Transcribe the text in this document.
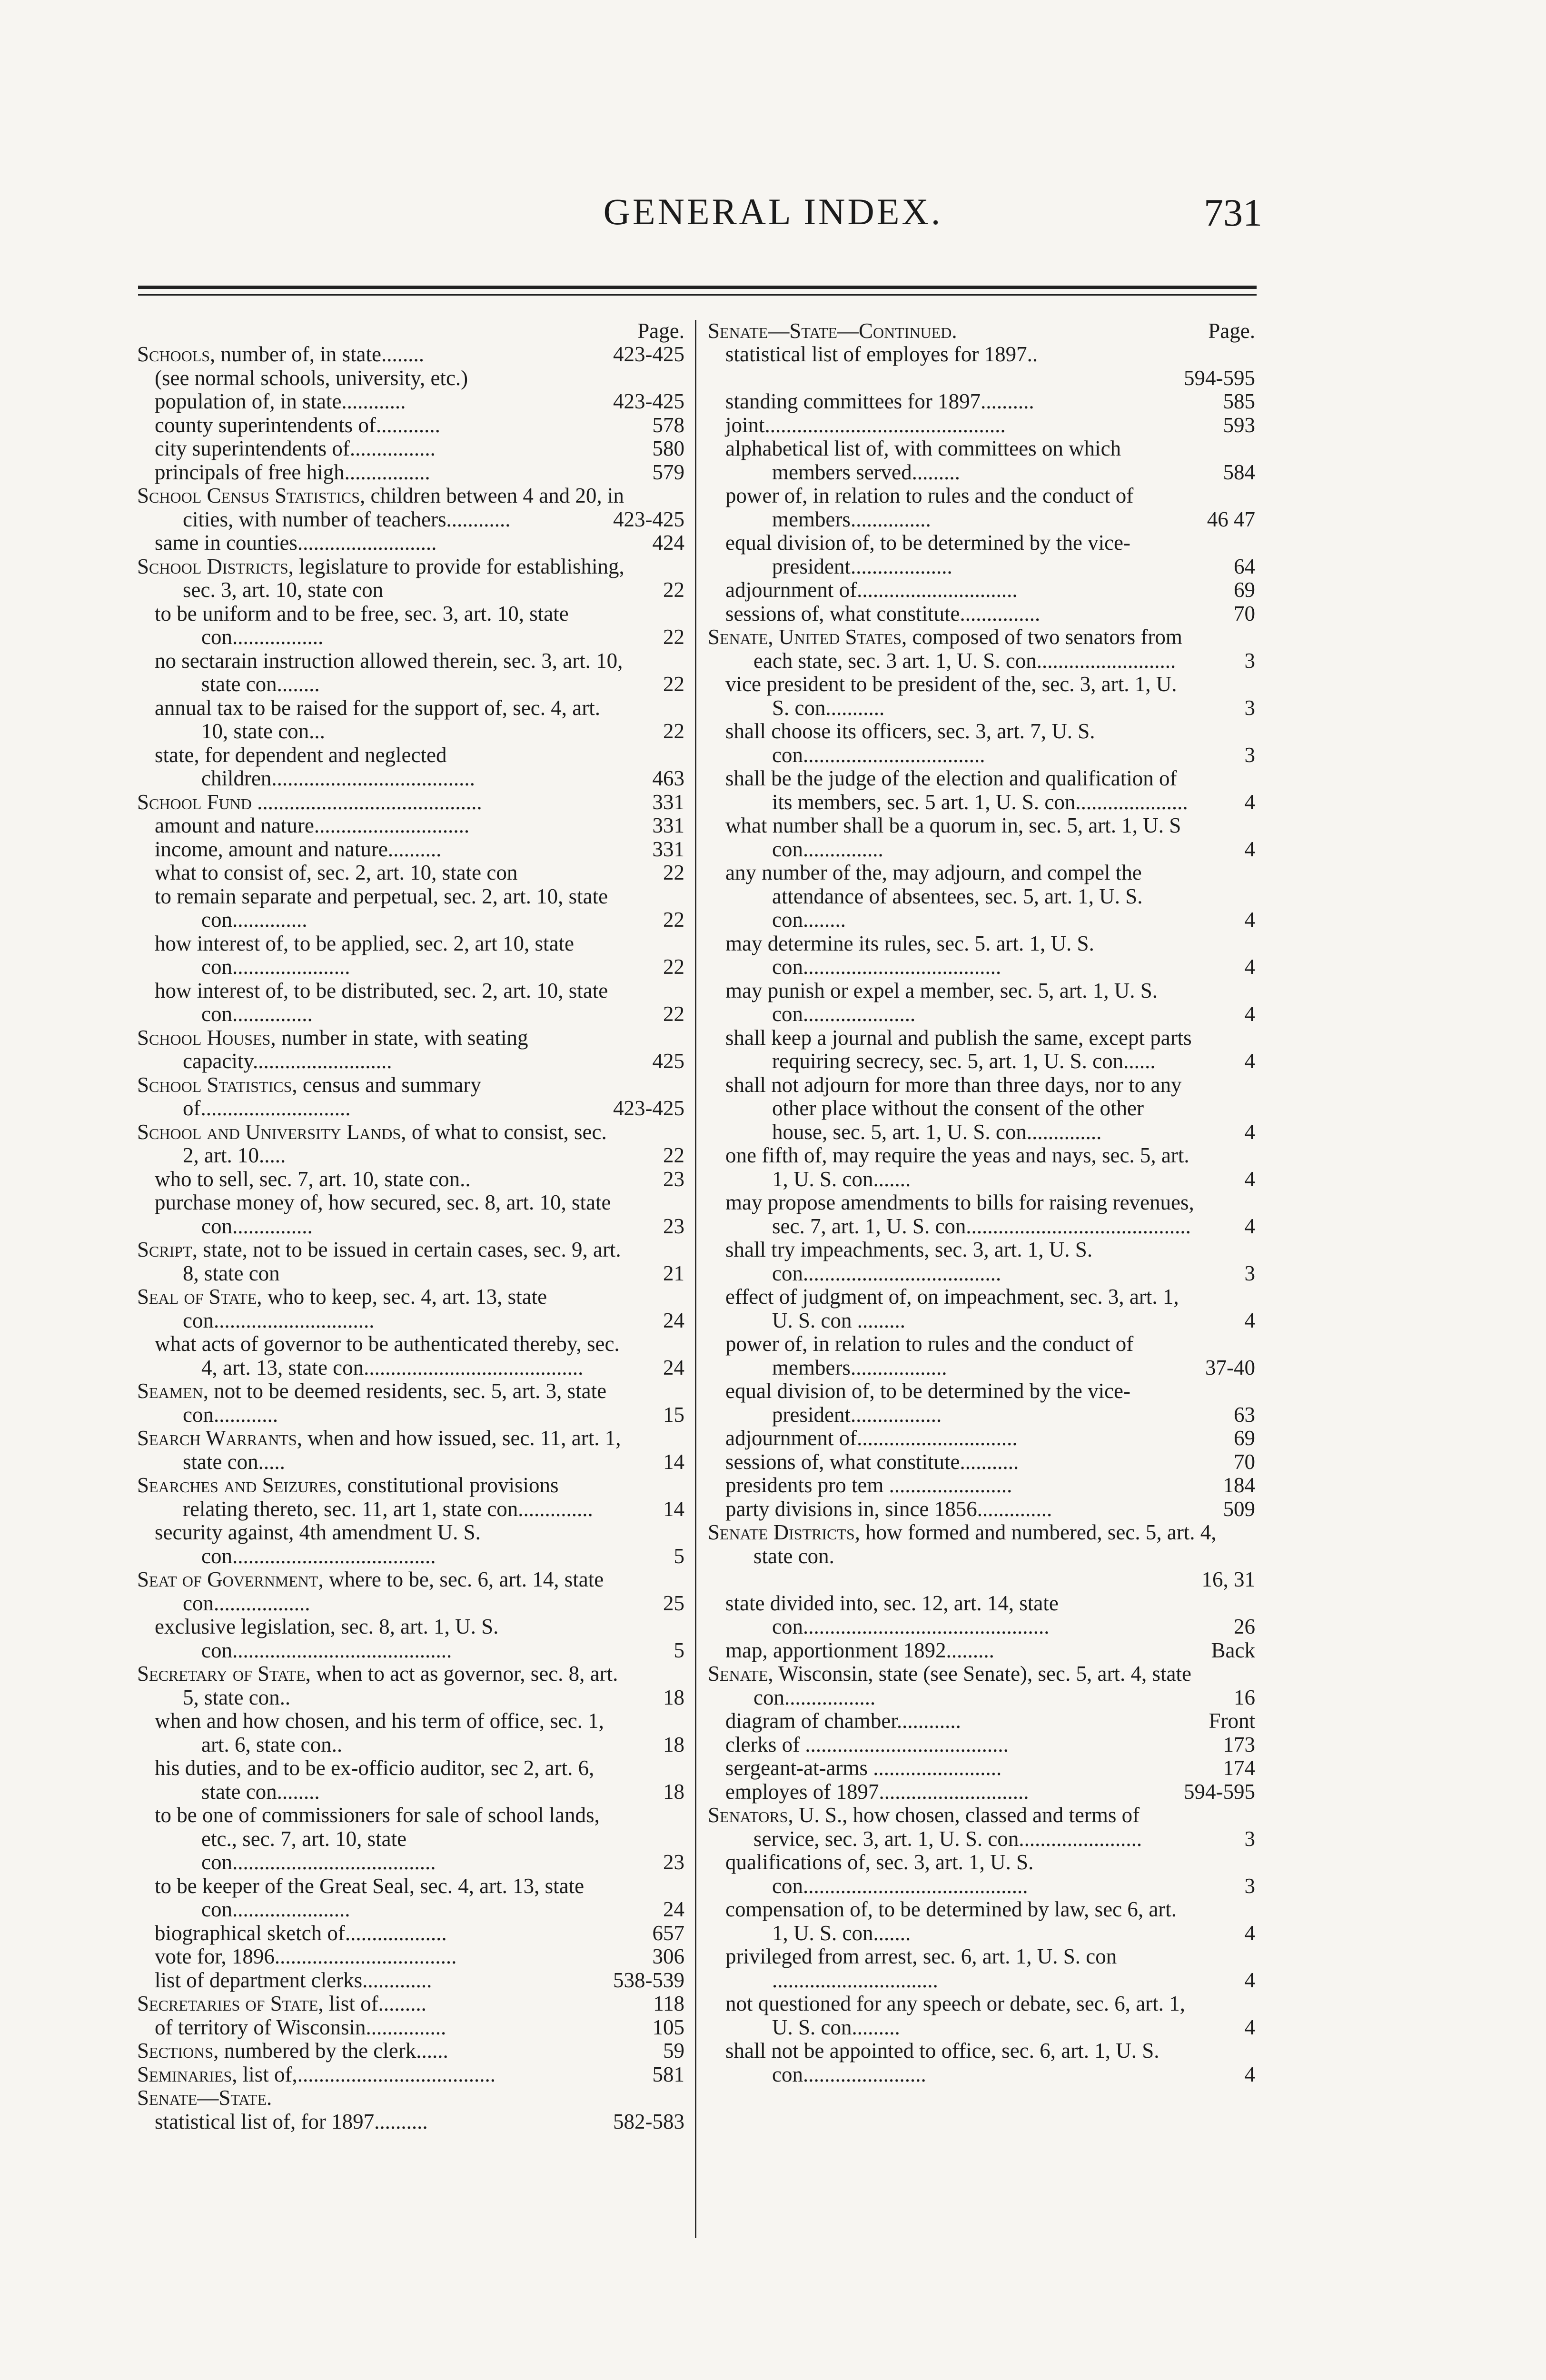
GENERAL INDEX.	731
Page.
Schools, number of, in state........	423-425
(see normal schools, university, etc.)
population of, in state............	423-425
county superintendents of............	578
city superintendents of................	580
principals of free high................	579
School Census Statistics, children between 4 and 20, in cities, with number of teachers............	423-425
same in counties..........................	424
School Districts, legislature to provide for establishing, sec. 3, art. 10, state con	22
to be uniform and to be free, sec. 3, art. 10, state con.................	22
no sectarain instruction allowed therein, sec. 3, art. 10, state con........	22
annual tax to be raised for the support of, sec. 4, art. 10, state con...	22
state, for dependent and neglected children......................................	463
School Fund ..........................................	331
amount and nature.............................	331
income, amount and nature..........	331
what to consist of, sec. 2, art. 10, state con	22
to remain separate and perpetual, sec. 2, art. 10, state con..............	22
how interest of, to be applied, sec. 2, art 10, state con......................	22
how interest of, to be distributed, sec. 2, art. 10, state con...............	22
School Houses, number in state, with seating capacity..........................	425
School Statistics, census and summary of............................	423-425
School and University Lands, of what to consist, sec. 2, art. 10.....	22
who to sell, sec. 7, art. 10, state con..	23
purchase money of, how secured, sec. 8, art. 10, state con...............	23
Script, state, not to be issued in certain cases, sec. 9, art. 8, state con	21
Seal of State, who to keep, sec. 4, art. 13, state con..............................	24
what acts of governor to be authenticated thereby, sec. 4, art. 13, state con.........................................	24
Seamen, not to be deemed residents, sec. 5, art. 3, state con............	15
Search Warrants, when and how issued, sec. 11, art. 1, state con.....	14
Searches and Seizures, constitutional provisions relating thereto, sec. 11, art 1, state con..............	14
security against, 4th amendment U. S. con......................................	5
Seat of Government, where to be, sec. 6, art. 14, state con..................	25
exclusive legislation, sec. 8, art. 1, U. S. con.........................................	5
Secretary of State, when to act as governor, sec. 8, art. 5, state con..	18
when and how chosen, and his term of office, sec. 1, art. 6, state con..	18
his duties, and to be ex-officio auditor, sec 2, art. 6, state con........	18
to be one of commissioners for sale of school lands, etc., sec. 7, art. 10, state con......................................	23
to be keeper of the Great Seal, sec. 4, art. 13, state con......................	24
biographical sketch of...................	657
vote for, 1896..................................	306
list of department clerks.............	538-539
Secretaries of State, list of.........	118
of territory of Wisconsin...............	105
Sections, numbered by the clerk......	59
Seminaries, list of,.....................................	581
Senate—State.
statistical list of, for 1897..........	582-583
Senate—State—Continued.	Page.
statistical list of employes for 1897..
594-595
standing committees for 1897..........	585
joint.............................................	593
alphabetical list of, with committees on which members served.........	584
power of, in relation to rules and the conduct of members...............	46 47
equal division of, to be determined by the vice-president...................	64
adjournment of..............................	69
sessions of, what constitute...............	70
Senate, United States, composed of two senators from each state, sec. 3 art. 1, U. S. con..........................	3
vice president to be president of the, sec. 3, art. 1, U. S. con...........	3
shall choose its officers, sec. 3, art. 7, U. S. con..................................	3
shall be the judge of the election and qualification of its members, sec. 5 art. 1, U. S. con.....................	4
what number shall be a quorum in, sec. 5, art. 1, U. S con...............	4
any number of the, may adjourn, and compel the attendance of absentees, sec. 5, art. 1, U. S. con........	4
may determine its rules, sec. 5. art. 1, U. S. con.....................................	4
may punish or expel a member, sec. 5, art. 1, U. S. con.....................	4
shall keep a journal and publish the same, except parts requiring secrecy, sec. 5, art. 1, U. S. con......	4
shall not adjourn for more than three days, nor to any other place without the consent of the other house, sec. 5, art. 1, U. S. con..............	4
one fifth of, may require the yeas and nays, sec. 5, art. 1, U. S. con.......	4
may propose amendments to bills for raising revenues, sec. 7, art. 1, U. S. con..........................................	4
shall try impeachments, sec. 3, art. 1, U. S. con.....................................	3
effect of judgment of, on impeachment, sec. 3, art. 1, U. S. con .........	4
power of, in relation to rules and the conduct of members..................	37-40
equal division of, to be determined by the vice-president.................	63
adjournment of..............................	69
sessions of, what constitute...........	70
presidents pro tem .......................	184
party divisions in, since 1856..............	509
Senate Districts, how formed and numbered, sec. 5, art. 4, state con.
16, 31
state divided into, sec. 12, art. 14, state con..............................................	26
map, apportionment 1892.........	Back
Senate, Wisconsin, state (see Senate), sec. 5, art. 4, state con.................	16
diagram of chamber............	Front
clerks of ......................................	173
sergeant-at-arms ........................	174
employes of 1897............................	594-595
Senators, U. S., how chosen, classed and terms of service, sec. 3, art. 1, U. S. con.......................	3
qualifications of, sec. 3, art. 1, U. S. con..........................................	3
compensation of, to be determined by law, sec 6, art. 1, U. S. con.......	4
privileged from arrest, sec. 6, art. 1, U. S. con ...............................	4
not questioned for any speech or debate, sec. 6, art. 1, U. S. con.........	4
shall not be appointed to office, sec. 6, art. 1, U. S. con.......................	4
